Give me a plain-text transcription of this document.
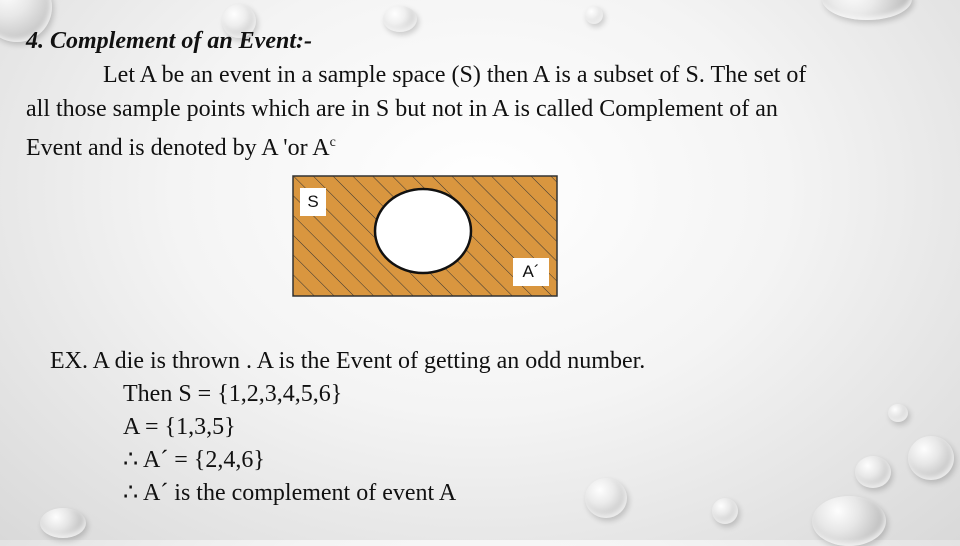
4. Complement of an Event:-
Let A be an event in a sample space (S) then A is a subset of S. The set of
all those sample points which are in S but not in A is called Complement of an
Event and is denoted by A 'or $A^c$
S
A´
EX. A die is thrown . A is the Event of getting an odd number.
Then S = {1,2,3,4,5,6}
A = {1,3,5}
∴ A´ = {2,4,6}
∴ A´ is the complement of event A
